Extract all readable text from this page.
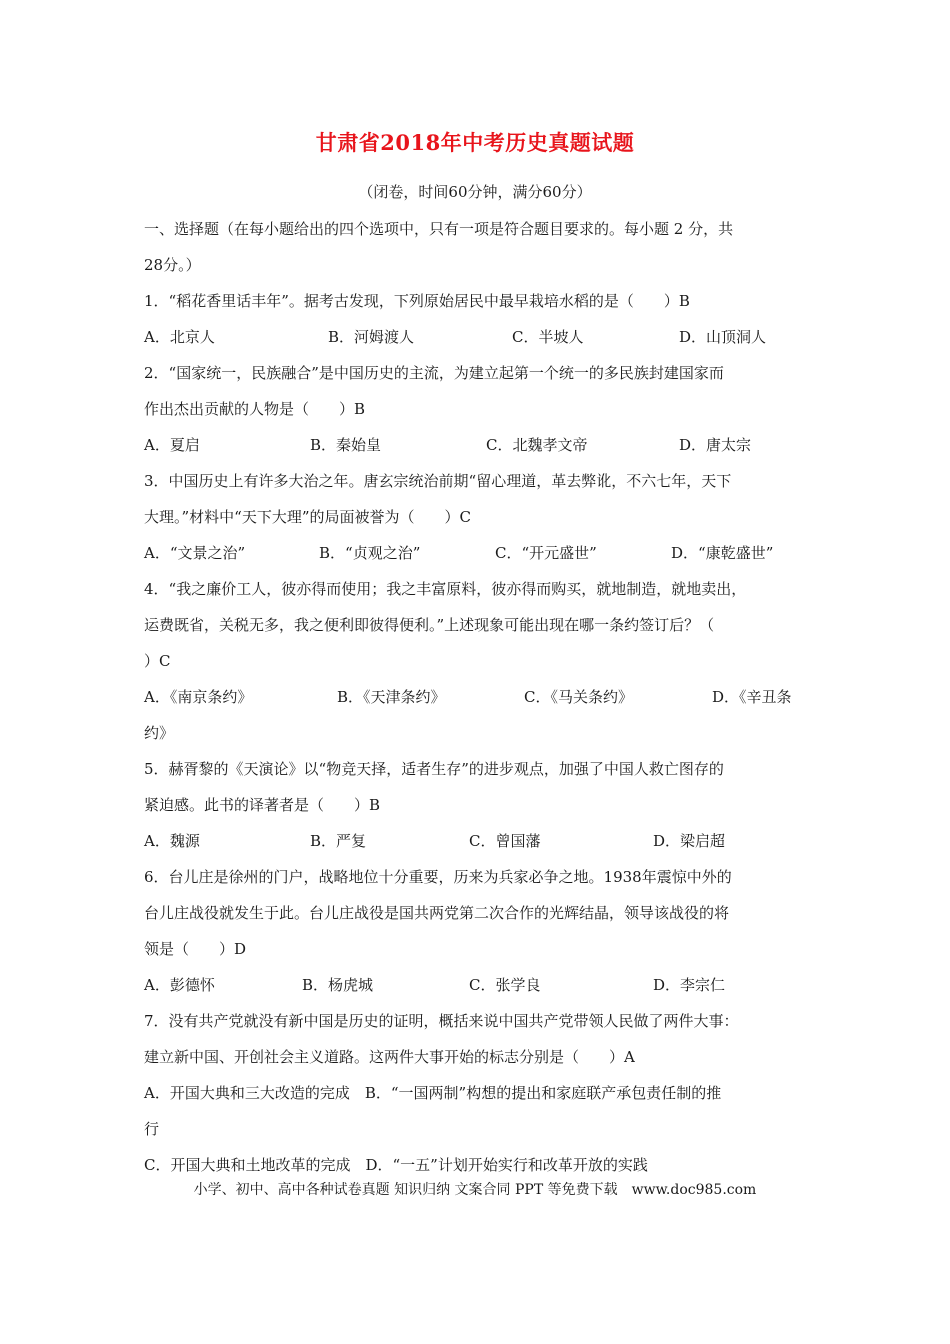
甘肃省2018年中考历史真题试题
（闭卷，时间60分钟，满分60分）
一、选择题（在每小题给出的四个选项中，只有一项是符合题目要求的。每小题 2 分，共
28分。）
1．“稻花香里话丰年”。据考古发现，下列原始居民中最早栽培水稻的是（　　）B
A．北京人	B．河姆渡人	C．半坡人	D．山顶洞人
2．“国家统一，民族融合”是中国历史的主流，为建立起第一个统一的多民族封建国家而
作出杰出贡献的人物是（　　）B
A．夏启	B．秦始皇	C．北魏孝文帝	D．唐太宗
3．中国历史上有许多大治之年。唐玄宗统治前期“留心理道，革去弊讹，不六七年，天下
大理。”材料中“天下大理”的局面被誉为（　　）C
A．“文景之治”	B．“贞观之治”	C．“开元盛世”	D．“康乾盛世”
4．“我之廉价工人，彼亦得而使用；我之丰富原料，彼亦得而购买，就地制造，就地卖出，
运费既省，关税无多，我之便利即彼得便利。”上述现象可能出现在哪一条约签订后？（
）C
A．《南京条约》	B．《天津条约》	C．《马关条约》	D．《辛丑条
约》
5．赫胥黎的《天演论》以“物竞天择，适者生存”的进步观点，加强了中国人救亡图存的
紧迫感。此书的译著者是（　　）B
A．魏源	B．严复	C．曾国藩	D．梁启超
6．台儿庄是徐州的门户，战略地位十分重要，历来为兵家必争之地。1938年震惊中外的
台儿庄战役就发生于此。台儿庄战役是国共两党第二次合作的光辉结晶，领导该战役的将
领是（　　）D
A．彭德怀	B．杨虎城	C．张学良	D．李宗仁
7．没有共产党就没有新中国是历史的证明，概括来说中国共产党带领人民做了两件大事：
建立新中国、开创社会主义道路。这两件大事开始的标志分别是（　　）A
A．开国大典和三大改造的完成　B．“一国两制”构想的提出和家庭联产承包责任制的推
行
C．开国大典和土地改革的完成　D．“一五”计划开始实行和改革开放的实践
小学、初中、高中各种试卷真题 知识归纳 文案合同 PPT 等免费下载　www.doc985.com
